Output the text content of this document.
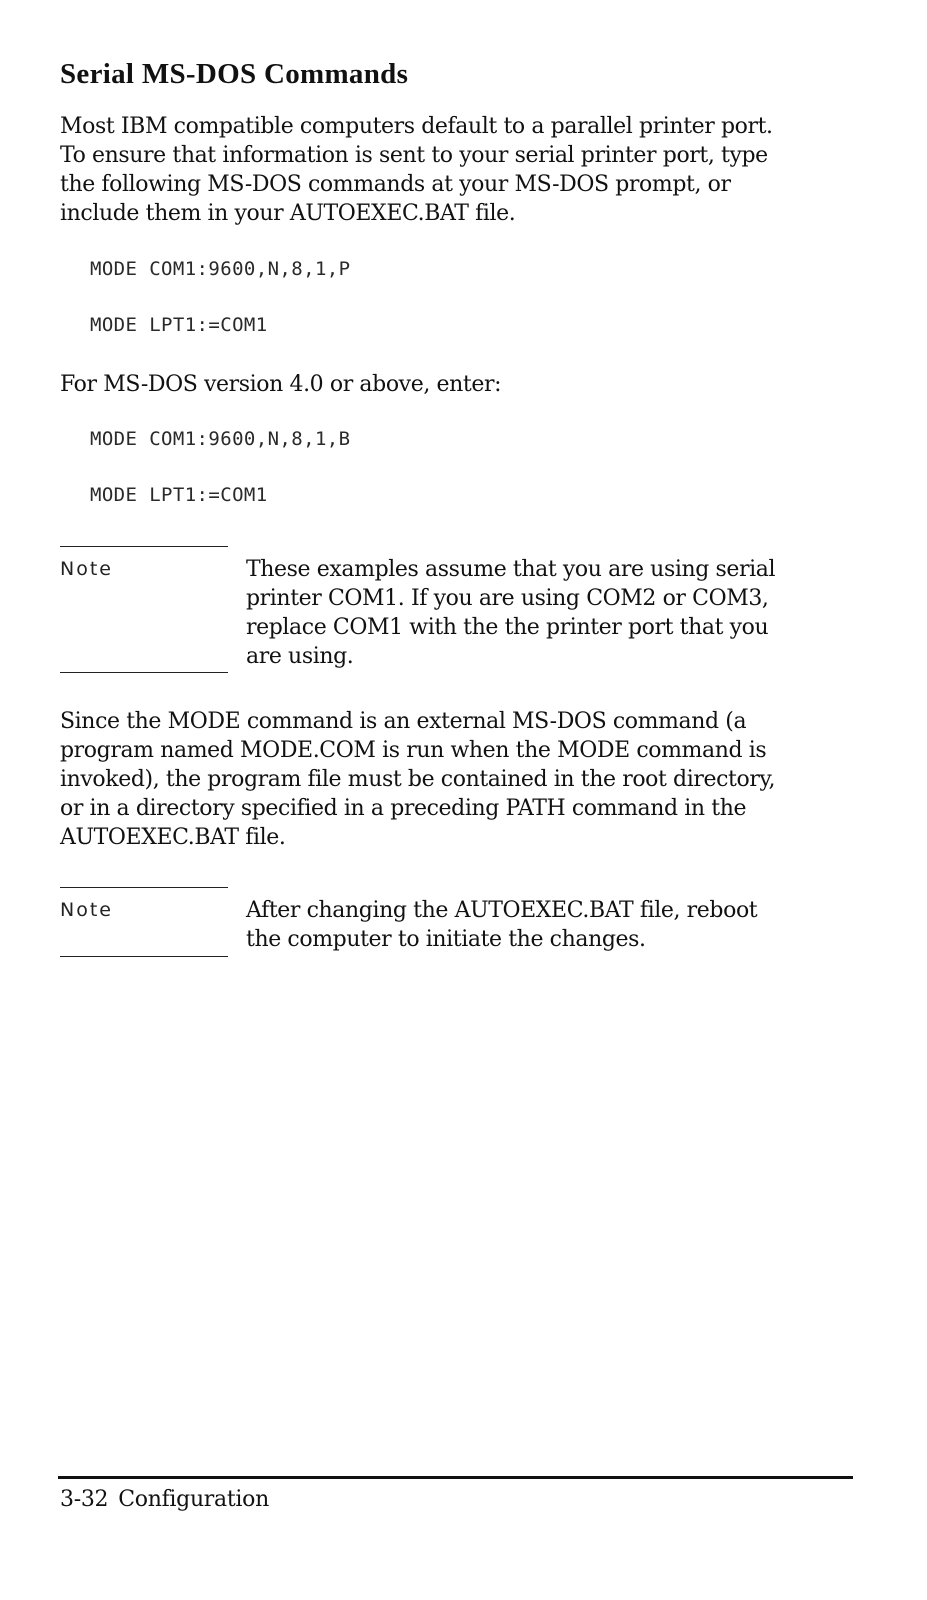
Serial MS-DOS Commands
Most IBM compatible computers default to a parallel printer port.
To ensure that information is sent to your serial printer port, type
the following MS-DOS commands at your MS-DOS prompt, or
include them in your AUTOEXEC.BAT file.
MODE COM1:9600,N,8,1,P
MODE LPT1:=COM1
For MS-DOS version 4.0 or above, enter:
MODE COM1:9600,N,8,1,B
MODE LPT1:=COM1
Note	These examples assume that you are using serial
printer COM1. If you are using COM2 or COM3,
replace COM1 with the the printer port that you
are using.
Since the MODE command is an external MS-DOS command (a
program named MODE.COM is run when the MODE command is
invoked), the program file must be contained in the root directory,
or in a directory specified in a preceding PATH command in the
AUTOEXEC.BAT file.
Note	After changing the AUTOEXEC.BAT file, reboot
the computer to initiate the changes.
3-32 Configuration
